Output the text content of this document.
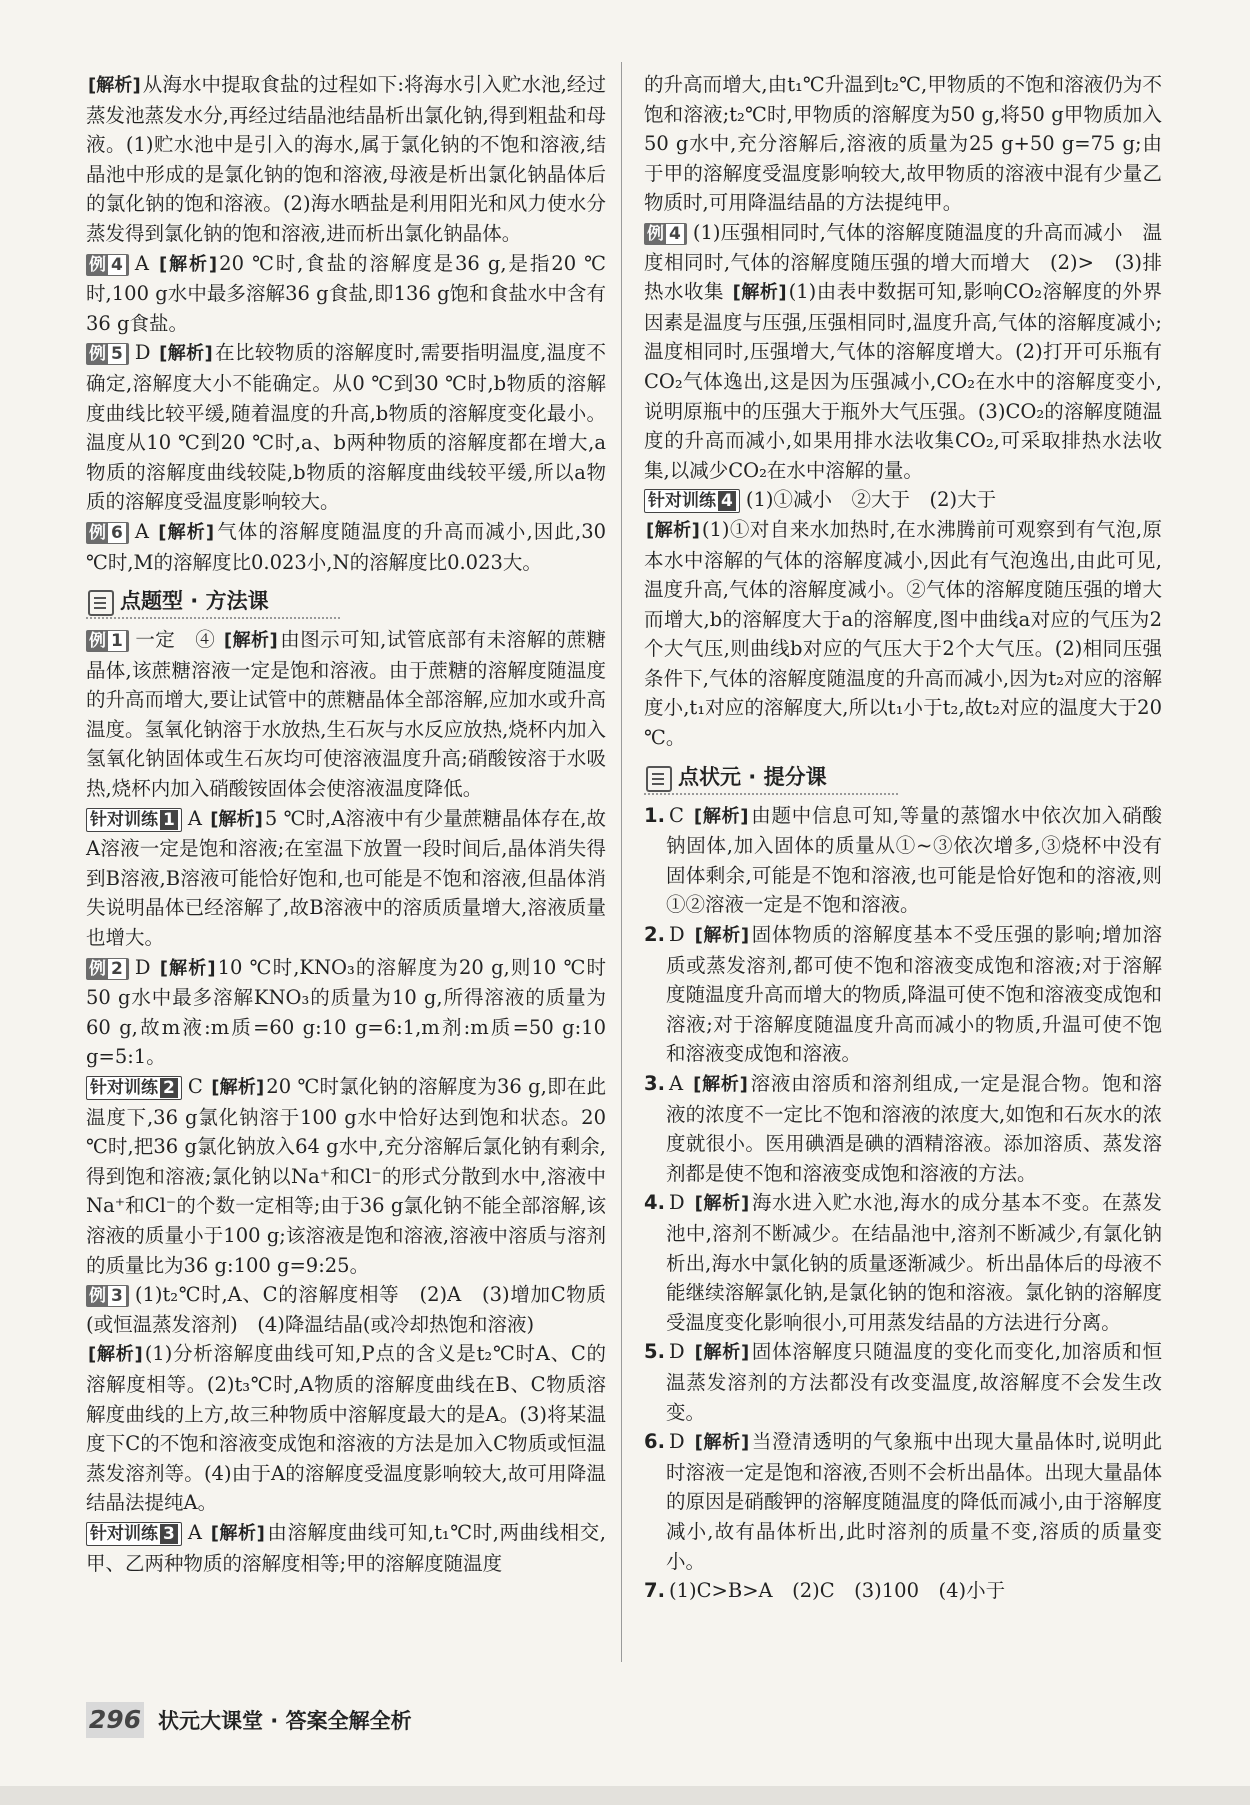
[解析] 从海水中提取食盐的过程如下:将海水引入贮水池,经过蒸发池蒸发水分,再经过结晶池结晶析出氯化钠,得到粗盐和母液。(1)贮水池中是引入的海水,属于氯化钠的不饱和溶液,结晶池中形成的是氯化钠的饱和溶液,母液是析出氯化钠晶体后的氯化钠的饱和溶液。(2)海水晒盐是利用阳光和风力使水分蒸发得到氯化钠的饱和溶液,进而析出氯化钠晶体。

例 4 A [解析] 20 ℃时,食盐的溶解度是36 g,是指20 ℃时,100 g水中最多溶解36 g食盐,即136 g饱和食盐水中含有36 g食盐。

例 5 D [解析] 在比较物质的溶解度时,需要指明温度,温度不确定,溶解度大小不能确定。从0 ℃到30 ℃时,b物质的溶解度曲线比较平缓,随着温度的升高,b物质的溶解度变化最小。温度从10 ℃到20 ℃时,a、b两种物质的溶解度都在增大,a物质的溶解度曲线较陡,b物质的溶解度曲线较平缓,所以a物质的溶解度受温度影响较大。

例 6 A [解析] 气体的溶解度随温度的升高而减小,因此,30 ℃时,M的溶解度比0.023小,N的溶解度比0.023大。

点题型 · 方法课

例 1 一定　④ [解析] 由图示可知,试管底部有未溶解的蔗糖晶体,该蔗糖溶液一定是饱和溶液。由于蔗糖的溶解度随温度的升高而增大,要让试管中的蔗糖晶体全部溶解,应加水或升高温度。氢氧化钠溶于水放热,生石灰与水反应放热,烧杯内加入氢氧化钠固体或生石灰均可使溶液温度升高;硝酸铵溶于水吸热,烧杯内加入硝酸铵固体会使溶液温度降低。

针对训练 1 A [解析] 5 ℃时,A溶液中有少量蔗糖晶体存在,故A溶液一定是饱和溶液;在室温下放置一段时间后,晶体消失得到B溶液,B溶液可能恰好饱和,也可能是不饱和溶液,但晶体消失说明晶体已经溶解了,故B溶液中的溶质质量增大,溶液质量也增大。

例 2 D [解析] 10 ℃时,KNO₃的溶解度为20 g,则10 ℃时50 g水中最多溶解KNO₃的质量为10 g,所得溶液的质量为60 g,故m液:m质=60 g:10 g=6:1,m剂:m质=50 g:10 g=5:1。

针对训练 2 C [解析] 20 ℃时氯化钠的溶解度为36 g,即在此温度下,36 g氯化钠溶于100 g水中恰好达到饱和状态。20 ℃时,把36 g氯化钠放入64 g水中,充分溶解后氯化钠有剩余,得到饱和溶液;氯化钠以Na⁺和Cl⁻的形式分散到水中,溶液中Na⁺和Cl⁻的个数一定相等;由于36 g氯化钠不能全部溶解,该溶液的质量小于100 g;该溶液是饱和溶液,溶液中溶质与溶剂的质量比为36 g:100 g=9:25。

例 3 (1)t₂℃时,A、C的溶解度相等　(2)A　(3)增加C物质(或恒温蒸发溶剂)　(4)降温结晶(或冷却热饱和溶液)

[解析] (1)分析溶解度曲线可知,P点的含义是t₂℃时A、C的溶解度相等。(2)t₃℃时,A物质的溶解度曲线在B、C物质溶解度曲线的上方,故三种物质中溶解度最大的是A。(3)将某温度下C的不饱和溶液变成饱和溶液的方法是加入C物质或恒温蒸发溶剂等。(4)由于A的溶解度受温度影响较大,故可用降温结晶法提纯A。

针对训练 3 A [解析] 由溶解度曲线可知,t₁℃时,两曲线相交,甲、乙两种物质的溶解度相等;甲的溶解度随温度

的升高而增大,由t₁℃升温到t₂℃,甲物质的不饱和溶液仍为不饱和溶液;t₂℃时,甲物质的溶解度为50 g,将50 g甲物质加入50 g水中,充分溶解后,溶液的质量为25 g+50 g=75 g;由于甲的溶解度受温度影响较大,故甲物质的溶液中混有少量乙物质时,可用降温结晶的方法提纯甲。

例 4 (1)压强相同时,气体的溶解度随温度的升高而减小　温度相同时,气体的溶解度随压强的增大而增大　(2)>　(3)排热水收集 [解析] (1)由表中数据可知,影响CO₂溶解度的外界因素是温度与压强,压强相同时,温度升高,气体的溶解度减小;温度相同时,压强增大,气体的溶解度增大。(2)打开可乐瓶有CO₂气体逸出,这是因为压强减小,CO₂在水中的溶解度变小,说明原瓶中的压强大于瓶外大气压强。(3)CO₂的溶解度随温度的升高而减小,如果用排水法收集CO₂,可采取排热水法收集,以减少CO₂在水中溶解的量。

针对训练 4 (1)①减小　②大于　(2)大于

[解析] (1)①对自来水加热时,在水沸腾前可观察到有气泡,原本水中溶解的气体的溶解度减小,因此有气泡逸出,由此可见,温度升高,气体的溶解度减小。②气体的溶解度随压强的增大而增大,b的溶解度大于a的溶解度,图中曲线a对应的气压为2个大气压,则曲线b对应的气压大于2个大气压。(2)相同压强条件下,气体的溶解度随温度的升高而减小,因为t₂对应的溶解度小,t₁对应的溶解度大,所以t₁小于t₂,故t₂对应的温度大于20 ℃。

点状元 · 提分课

1. C [解析] 由题中信息可知,等量的蒸馏水中依次加入硝酸钠固体,加入固体的质量从①~③依次增多,③烧杯中没有固体剩余,可能是不饱和溶液,也可能是恰好饱和的溶液,则①②溶液一定是不饱和溶液。

2. D [解析] 固体物质的溶解度基本不受压强的影响;增加溶质或蒸发溶剂,都可使不饱和溶液变成饱和溶液;对于溶解度随温度升高而增大的物质,降温可使不饱和溶液变成饱和溶液;对于溶解度随温度升高而减小的物质,升温可使不饱和溶液变成饱和溶液。

3. A [解析] 溶液由溶质和溶剂组成,一定是混合物。饱和溶液的浓度不一定比不饱和溶液的浓度大,如饱和石灰水的浓度就很小。医用碘酒是碘的酒精溶液。添加溶质、蒸发溶剂都是使不饱和溶液变成饱和溶液的方法。

4. D [解析] 海水进入贮水池,海水的成分基本不变。在蒸发池中,溶剂不断减少。在结晶池中,溶剂不断减少,有氯化钠析出,海水中氯化钠的质量逐渐减少。析出晶体后的母液不能继续溶解氯化钠,是氯化钠的饱和溶液。氯化钠的溶解度受温度变化影响很小,可用蒸发结晶的方法进行分离。

5. D [解析] 固体溶解度只随温度的变化而变化,加溶质和恒温蒸发溶剂的方法都没有改变温度,故溶解度不会发生改变。

6. D [解析] 当澄清透明的气象瓶中出现大量晶体时,说明此时溶液一定是饱和溶液,否则不会析出晶体。出现大量晶体的原因是硝酸钾的溶解度随温度的降低而减小,由于溶解度减小,故有晶体析出,此时溶剂的质量不变,溶质的质量变小。

7. (1)C>B>A　(2)C　(3)100　(4)小于

296 状元大课堂 · 答案全解全析
